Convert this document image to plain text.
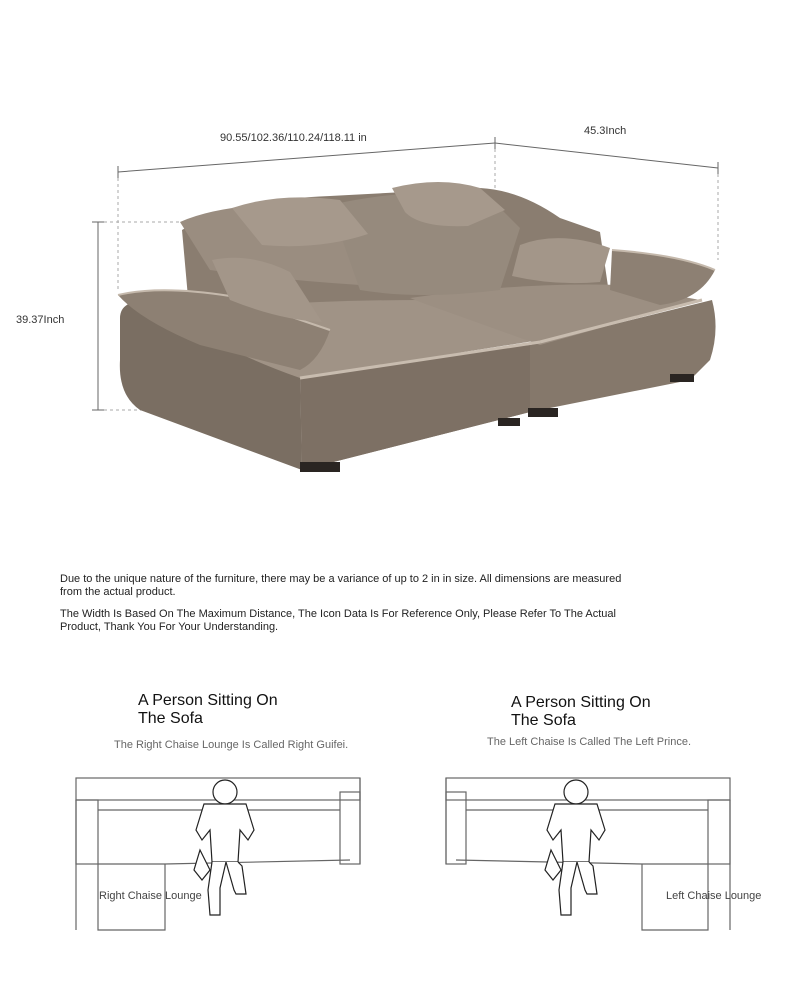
90.55/102.36/110.24/118.11 in
45.3Inch
39.37Inch
Due to the unique nature of the furniture, there may be a variance of up to 2 in in size. All dimensions are measured from the actual product.
The Width Is Based On The Maximum Distance, The Icon Data Is For Reference Only, Please Refer To The Actual Product, Thank You For Your Understanding.
A Person Sitting On The Sofa
The Right Chaise Lounge Is Called Right Guifei.
Right Chaise Lounge
A Person Sitting On The Sofa
The Left Chaise Is Called The Left Prince.
Left Chaise Lounge
